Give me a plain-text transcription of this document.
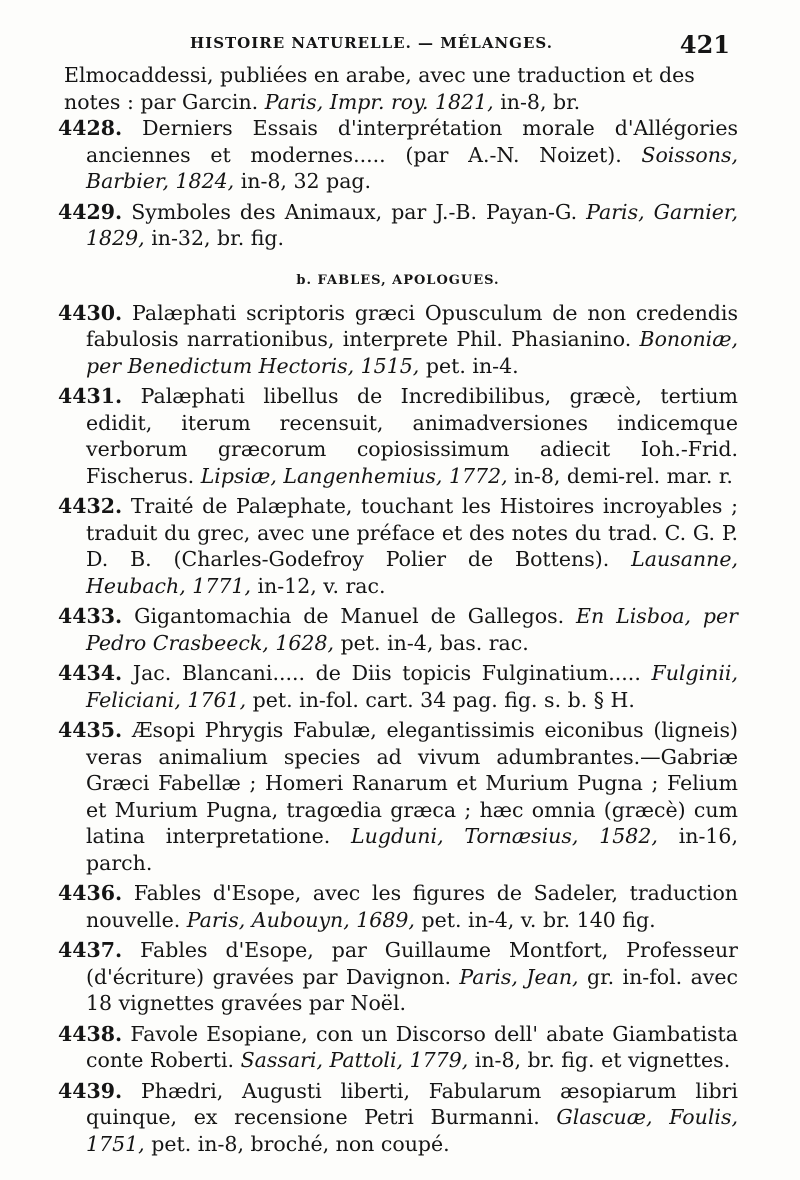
HISTOIRE NATURELLE. — MÉLANGES.	421

Elmocaddessi, publiées en arabe, avec une traduction et des notes : par Garcin. Paris, Impr. roy. 1821, in-8, br.

4428. Derniers Essais d'interprétation morale d'Allégories anciennes et modernes..... (par A.-N. Noizet). Soissons, Barbier, 1824, in-8, 32 pag.

4429. Symboles des Animaux, par J.-B. Payan-G. Paris, Garnier, 1829, in-32, br. fig.

b. FABLES, APOLOGUES.

4430. Palæphati scriptoris græci Opusculum de non credendis fabulosis narrationibus, interprete Phil. Phasianino. Bononiæ, per Benedictum Hectoris, 1515, pet. in-4.

4431. Palæphati libellus de Incredibilibus, græcè, tertium edidit, iterum recensuit, animadversiones indicemque verborum græcorum copiosissimum adiecit Ioh.-Frid. Fischerus. Lipsiæ, Langenhemius, 1772, in-8, demi-rel. mar. r.

4432. Traité de Palæphate, touchant les Histoires incroyables ; traduit du grec, avec une préface et des notes du trad. C. G. P. D. B. (Charles-Godefroy Polier de Bottens). Lausanne, Heubach, 1771, in-12, v. rac.

4433. Gigantomachia de Manuel de Gallegos. En Lisboa, per Pedro Crasbeeck, 1628, pet. in-4, bas. rac.

4434. Jac. Blancani..... de Diis topicis Fulginatium..... Fulginii, Feliciani, 1761, pet. in-fol. cart. 34 pag. fig. s. b. § H.

4435. Æsopi Phrygis Fabulæ, elegantissimis eiconibus (ligneis) veras animalium species ad vivum adumbrantes.—Gabriæ Græci Fabellæ ; Homeri Ranarum et Murium Pugna ; Felium et Murium Pugna, tragœdia græca ; hæc omnia (græcè) cum latina interpretatione. Lugduni, Tornæsius, 1582, in-16, parch.

4436. Fables d'Esope, avec les figures de Sadeler, traduction nouvelle. Paris, Aubouyn, 1689, pet. in-4, v. br. 140 fig.

4437. Fables d'Esope, par Guillaume Montfort, Professeur (d'écriture) gravées par Davignon. Paris, Jean, gr. in-fol. avec 18 vignettes gravées par Noël.

4438. Favole Esopiane, con un Discorso dell' abate Giambatista conte Roberti. Sassari, Pattoli, 1779, in-8, br. fig. et vignettes.

4439. Phædri, Augusti liberti, Fabularum æsopiarum libri quinque, ex recensione Petri Burmanni. Glascuæ, Foulis, 1751, pet. in-8, broché, non coupé.
